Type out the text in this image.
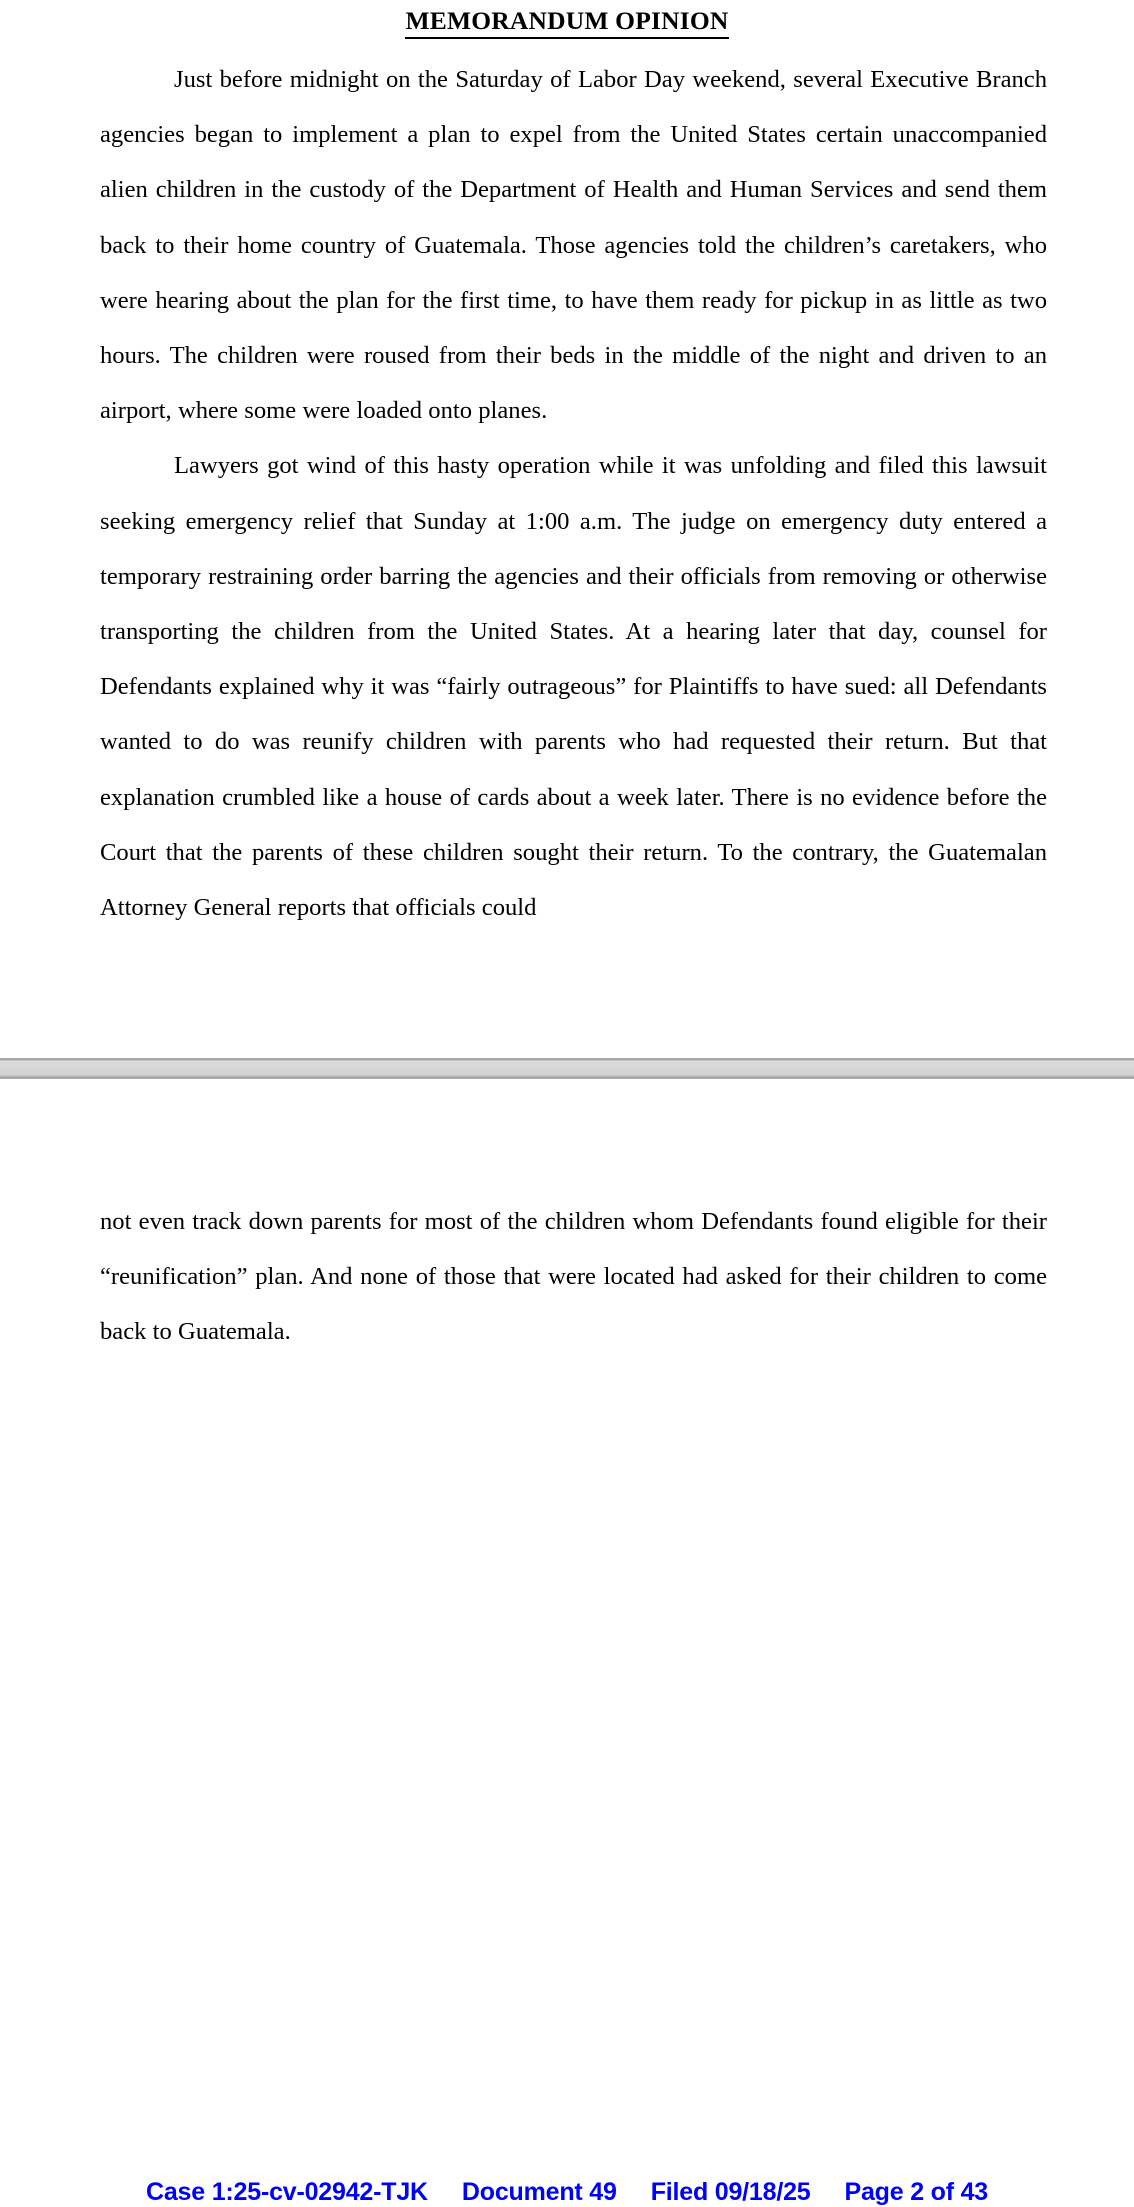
MEMORANDUM OPINION

Just before midnight on the Saturday of Labor Day weekend, several Executive Branch agencies began to implement a plan to expel from the United States certain unaccompanied alien children in the custody of the Department of Health and Human Services and send them back to their home country of Guatemala. Those agencies told the children’s caretakers, who were hearing about the plan for the first time, to have them ready for pickup in as little as two hours. The children were roused from their beds in the middle of the night and driven to an airport, where some were loaded onto planes.

Lawyers got wind of this hasty operation while it was unfolding and filed this lawsuit seeking emergency relief that Sunday at 1:00 a.m. The judge on emergency duty entered a temporary restraining order barring the agencies and their officials from removing or otherwise transporting the children from the United States. At a hearing later that day, counsel for Defendants explained why it was “fairly outrageous” for Plaintiffs to have sued: all Defendants wanted to do was reunify children with parents who had requested their return. But that explanation crumbled like a house of cards about a week later. There is no evidence before the Court that the parents of these children sought their return. To the contrary, the Guatemalan Attorney General reports that officials could

Case 1:25-cv-02942-TJK Document 49 Filed 09/18/25 Page 2 of 43

not even track down parents for most of the children whom Defendants found eligible for their “reunification” plan. And none of those that were located had asked for their children to come back to Guatemala.
